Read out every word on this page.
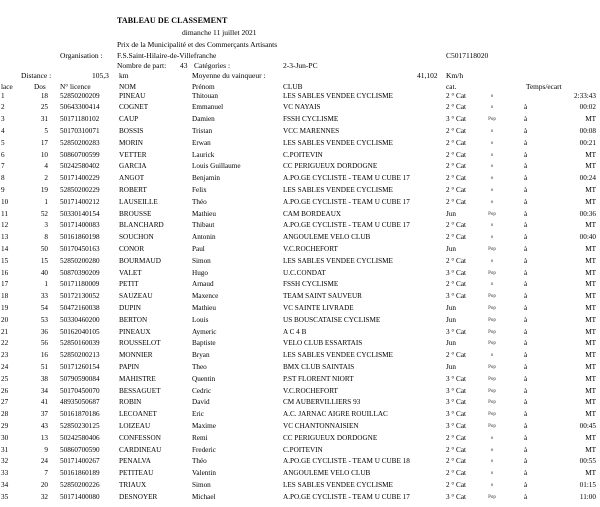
TABLEAU DE CLASSEMENT
dimanche 11 juillet 2021
Prix de la Municipalité et des Commerçants Artisants
Organisation : F.S.Saint-Hilaire-de-Villefranche	C5017118020
Nombre de part: 43 Catégories :	2-3-Jun-PC
Distance :	105,3 km	Moyenne du vainqueur :	41,102 Km/h
lace	Dos	N° licence	NOM	Prénom	CLUB	cat.	Temps/ecart
1	18 52850200209	PINEAU	Thitouan	LES SABLES VENDEE CYCLISME	2 ° Cat	o	2:33:43
2	25 50643300414	COGNET	Emmanuel	VC NAYAIS	2 ° Cat	o	à	00:02
3	31 50171180102	CAUP	Damien	FSSH CYCLISME	3 ° Cat	Pop	à	MT
4	5 50170310071	BOSSIS	Tristan	VCC MARENNES	2 ° Cat	o	à	00:08
5	17 52850200283	MORIN	Erwan	LES SABLES VENDEE CYCLISME	2 ° Cat	o	à	00:21
6	10 50860700599	VETTER	Laurick	C.POITEVIN	2 ° Cat	o	à	MT
7	4 50242580402	GARCIA	Louis Guillaume	CC PERIGUEUX DORDOGNE	2 ° Cat	o	à	MT
8	2 50171400229	ANGOT	Benjamin	A.PO.GE CYCLISTE - TEAM U CUBE 17	2 ° Cat	o	à	00:24
9	19 52850200229	ROBERT	Felix	LES SABLES VENDEE CYCLISME	2 ° Cat	o	à	MT
10	1 50171400212	LAUSEILLE	Théo	A.PO.GE CYCLISTE - TEAM U CUBE 17	2 ° Cat	o	à	MT
11	52 50330140154	BROUSSE	Mathieu	CAM BORDEAUX	Jun	Pop	à	00:36
12	3 50171400083	BLANCHARD	Thibaut	A.PO.GE CYCLISTE - TEAM U CUBE 17	2 ° Cat	o	à	MT
13	8 50161860198	SOUCHON	Antonin	ANGOULEME VELO CLUB	2 ° Cat	o	à	00:40
14	50 50170450163	CONOR	Paul	V.C.ROCHEFORT	Jun	Pop	à	MT
15	15 52850200280	BOURMAUD	Simon	LES SABLES VENDEE CYCLISME	2 ° Cat	o	à	MT
16	40 50870390209	VALET	Hugo	U.C.CONDAT	3 ° Cat	Pop	à	MT
17	1 50171180009	PETIT	Arnaud	FSSH CYCLISME	2 ° Cat	o	à	MT
18	33 50172130052	SAUZEAU	Maxence	TEAM SAINT SAUVEUR	3 ° Cat	Pop	à	MT
19	54 50472160038	DUPIN	Mathieu	VC SAINTE LIVRADE	Jun	Pop	à	MT
20	53 50330460200	BERTON	Louis	US BOUSCATAISE CYCLISME	Jun	Pop	à	MT
21	36 50162040105	PINEAUX	Aymeric	A C 4 B	3 ° Cat	Pop	à	MT
22	56 52850160039	ROUSSELOT	Baptiste	VELO CLUB ESSARTAIS	Jun	Pop	à	MT
23	16 52850200213	MONNIER	Bryan	LES SABLES VENDEE CYCLISME	2 ° Cat	o	à	MT
24	51 50171260154	PAPIN	Theo	BMX CLUB SAINTAIS	Jun	Pop	à	MT
25	38 50790590084	MAHISTRE	Quentin	P.ST FLORENT NIORT	3 ° Cat	Pop	à	MT
26	34 50170450070	BESSAGUET	Cedric	V.C.ROCHEFORT	3 ° Cat	Pop	à	MT
27	41 48935050687	ROBIN	David	CM AUBERVILLIERS 93	3 ° Cat	Pop	à	MT
28	37 50161870186	LECOANET	Eric	A.C. JARNAC AIGRE ROUILLAC	3 ° Cat	Pop	à	MT
29	43 52850230125	LOIZEAU	Maxime	VC CHANTONNAISIEN	3 ° Cat	Pop	à	00:45
30	13 50242580406	CONFESSON	Remi	CC PERIGUEUX DORDOGNE	2 ° Cat	o	à	MT
31	9 50860700590	CARDINEAU	Frederic	C.POITEVIN	2 ° Cat	o	à	MT
32	24 50171400267	PENALVA	Théo	A.PO.GE CYCLISTE - TEAM U CUBE 18	2 ° Cat	o	à	00:55
33	7 50161860189	PETITEAU	Valentin	ANGOULEME VELO CLUB	2 ° Cat	o	à	MT
34	20 52850200226	TRIAUX	Simon	LES SABLES VENDEE CYCLISME	2 ° Cat	o	à	01:15
35	32 50171400080	DESNOYER	Michael	A.PO.GE CYCLISTE - TEAM U CUBE 17	3 ° Cat	Pop	à	11:00
